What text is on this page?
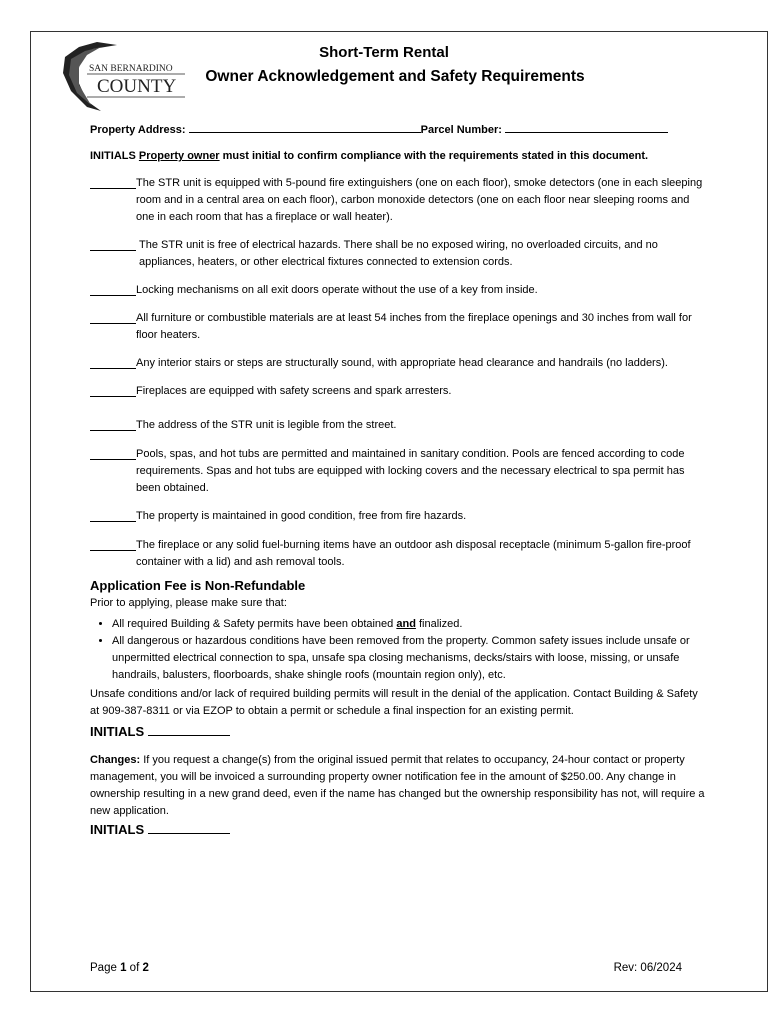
SAN BERNARDINO
COUNTY
Short-Term Rental
Owner Acknowledgement and Safety Requirements

Property Address:	Parcel Number:

INITIALS Property owner must initial to confirm compliance with the requirements stated in this document.

The STR unit is equipped with 5-pound fire extinguishers (one on each floor), smoke detectors (one in each sleeping room and in a central area on each floor), carbon monoxide detectors (one on each floor near sleeping rooms and one in each room that has a fireplace or wall heater).
The STR unit is free of electrical hazards. There shall be no exposed wiring, no overloaded circuits, and no appliances, heaters, or other electrical fixtures connected to extension cords.
Locking mechanisms on all exit doors operate without the use of a key from inside.
All furniture or combustible materials are at least 54 inches from the fireplace openings and 30 inches from wall for floor heaters.
Any interior stairs or steps are structurally sound, with appropriate head clearance and handrails (no ladders).
Fireplaces are equipped with safety screens and spark arresters.
The address of the STR unit is legible from the street.
Pools, spas, and hot tubs are permitted and maintained in sanitary condition. Pools are fenced according to code requirements. Spas and hot tubs are equipped with locking covers and the necessary electrical to spa permit has been obtained.
The property is maintained in good condition, free from fire hazards.
The fireplace or any solid fuel-burning items have an outdoor ash disposal receptacle (minimum 5-gallon fire-proof container with a lid) and ash removal tools.
Application Fee is Non-Refundable

Prior to applying, please make sure that:

• All required Building & Safety permits have been obtained and finalized.
• All dangerous or hazardous conditions have been removed from the property. Common safety issues include unsafe or unpermitted electrical connection to spa, unsafe spa closing mechanisms, decks/stairs with loose, missing, or unsafe handrails, balusters, floorboards, shake shingle roofs (mountain region only), etc.

Unsafe conditions and/or lack of required building permits will result in the denial of the application. Contact Building & Safety at 909-387-8311 or via EZOP to obtain a permit or schedule a final inspection for an existing permit.

INITIALS

Changes: If you request a change(s) from the original issued permit that relates to occupancy, 24-hour contact or property management, you will be invoiced a surrounding property owner notification fee in the amount of $250.00. Any change in ownership resulting in a new grand deed, even if the name has changed but the ownership responsibility has not, will require a new application.

INITIALS

Page 1 of 2	Rev: 06/2024
